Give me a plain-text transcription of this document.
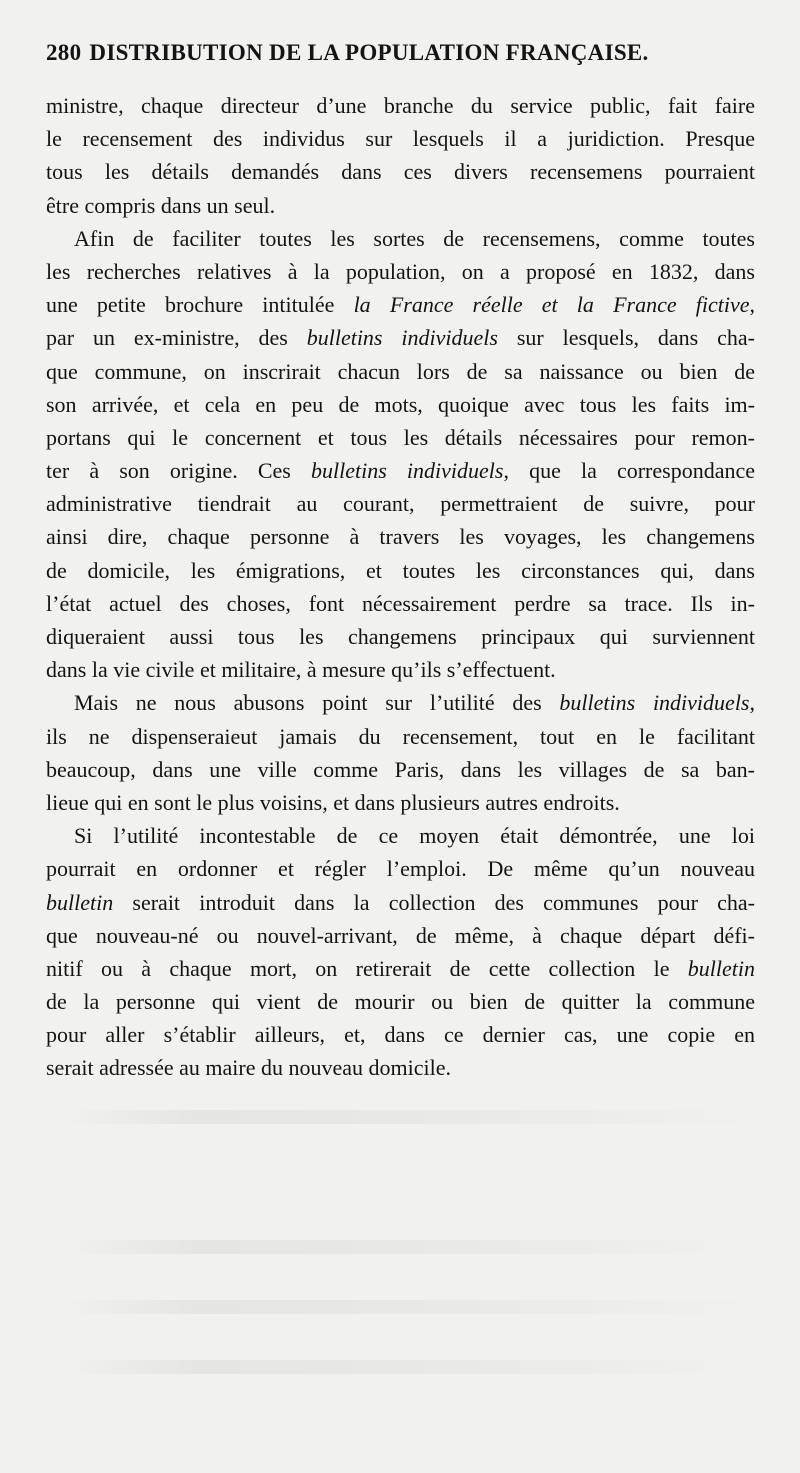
280 DISTRIBUTION DE LA POPULATION FRANÇAISE.
ministre, chaque directeur d’une branche du service public, fait faire
le recensement des individus sur lesquels il a juridiction. Presque
tous les détails demandés dans ces divers recensemens pourraient
être compris dans un seul.
Afin de faciliter toutes les sortes de recensemens, comme toutes
les recherches relatives à la population, on a proposé en 1832, dans
une petite brochure intitulée la France réelle et la France fictive,
par un ex-ministre, des bulletins individuels sur lesquels, dans cha-
que commune, on inscrirait chacun lors de sa naissance ou bien de
son arrivée, et cela en peu de mots, quoique avec tous les faits im-
portans qui le concernent et tous les détails nécessaires pour remon-
ter à son origine. Ces bulletins individuels, que la correspondance
administrative tiendrait au courant, permettraient de suivre, pour
ainsi dire, chaque personne à travers les voyages, les changemens
de domicile, les émigrations, et toutes les circonstances qui, dans
l’état actuel des choses, font nécessairement perdre sa trace. Ils in-
diqueraient aussi tous les changemens principaux qui surviennent
dans la vie civile et militaire, à mesure qu’ils s’effectuent.
Mais ne nous abusons point sur l’utilité des bulletins individuels,
ils ne dispenseraieut jamais du recensement, tout en le facilitant
beaucoup, dans une ville comme Paris, dans les villages de sa ban-
lieue qui en sont le plus voisins, et dans plusieurs autres endroits.
Si l’utilité incontestable de ce moyen était démontrée, une loi
pourrait en ordonner et régler l’emploi. De même qu’un nouveau
bulletin serait introduit dans la collection des communes pour cha-
que nouveau-né ou nouvel-arrivant, de même, à chaque départ défi-
nitif ou à chaque mort, on retirerait de cette collection le bulletin
de la personne qui vient de mourir ou bien de quitter la commune
pour aller s’établir ailleurs, et, dans ce dernier cas, une copie en
serait adressée au maire du nouveau domicile.
